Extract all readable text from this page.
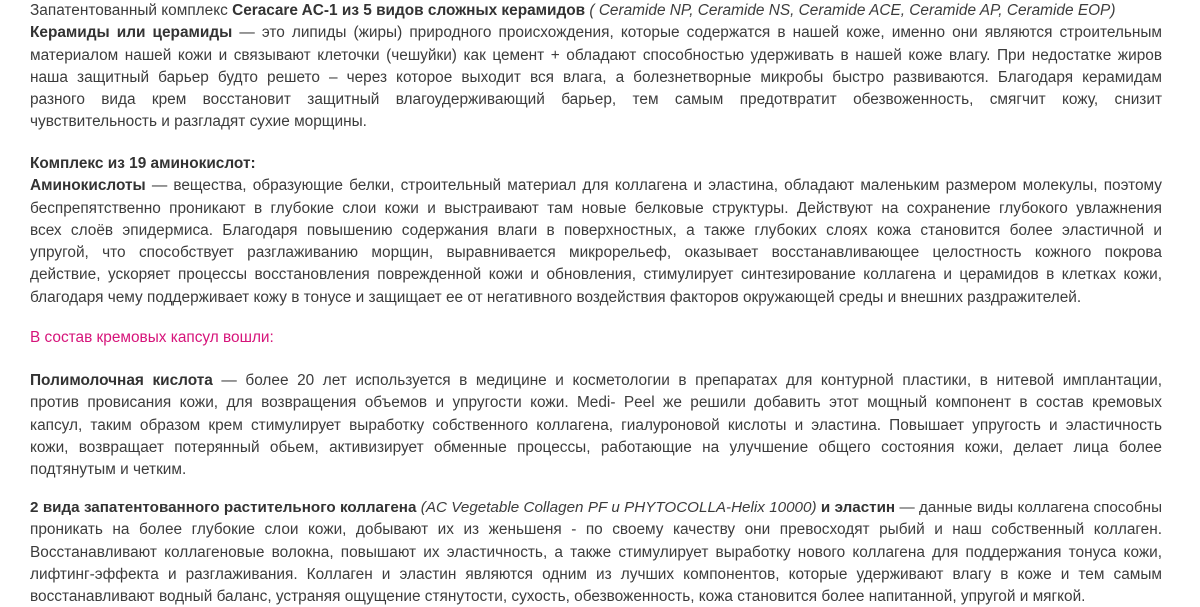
Запатентованный комплекс Ceracare AC-1 из 5 видов сложных керамидов ( Ceramide NP, Ceramide NS, Ceramide ACE, Ceramide AP, Ceramide EOP)

Керамиды или церамиды — это липиды (жиры) природного происхождения, которые содержатся в нашей коже, именно они являются строительным

материалом нашей кожи и связывают клеточки (чешуйки) как цемент + обладают способностью удерживать в нашей коже влагу. При недостатке жиров

наша защитный барьер будто решето – через которое выходит вся влага, а болезнетворные микробы быстро развиваются. Благодаря керамидам

разного вида крем восстановит защитный влагоудерживающий барьер, тем самым предотвратит обезвоженность, смягчит кожу, снизит

чувствительность и разгладят сухие морщины.

Комплекс из 19 аминокислот:

Аминокислоты — вещества, образующие белки, строительный материал для коллагена и эластина, обладают маленьким размером молекулы, поэтому

беспрепятственно проникают в глубокие слои кожи и выстраивают там новые белковые структуры. Действуют на сохранение глубокого увлажнения

всех слоёв эпидермиса. Благодаря повышению содержания влаги в поверхностных, а также глубоких слоях кожа становится более эластичной и

упругой, что способствует разглаживанию морщин, выравнивается микрорельеф, оказывает восстанавливающее целостность кожного покрова

действие, ускоряет процессы восстановления поврежденной кожи и обновления, стимулирует синтезирование коллагена и церамидов в клетках кожи,

благодаря чему поддерживает кожу в тонусе и защищает ее от негативного воздействия факторов окружающей среды и внешних раздражителей.

В состав кремовых капсул вошли:

Полимолочная кислота — более 20 лет используется в медицине и косметологии в препаратах для контурной пластики, в нитевой имплантации,

против провисания кожи, для возвращения объемов и упругости кожи. Medi- Peel же решили добавить этот мощный компонент в состав кремовых

капсул, таким образом крем стимулирует выработку собственного коллагена, гиалуроновой кислоты и эластина. Повышает упругость и эластичность

кожи, возвращает потерянный обьем, активизирует обменные процессы, работающие на улучшение общего состояния кожи, делает лица более

подтянутым и четким.

2 вида запатентованного растительного коллагена (AC Vegetable Collagen PF и PHYTOCOLLA-Helix 10000) и эластин — данные виды коллагена способны

проникать на более глубокие слои кожи, добывают их из женьшеня - по своему качеству они превосходят рыбий и наш собственный коллаген.

Восстанавливают коллагеновые волокна, повышают их эластичность, а также стимулирует выработку нового коллагена для поддержания тонуса кожи,

лифтинг-эффекта и разглаживания. Коллаген и эластин являются одним из лучших компонентов, которые удерживают влагу в коже и тем самым

восстанавливают водный баланс, устраняя ощущение стянутости, сухость, обезвоженность, кожа становится более напитанной, упругой и мягкой.
